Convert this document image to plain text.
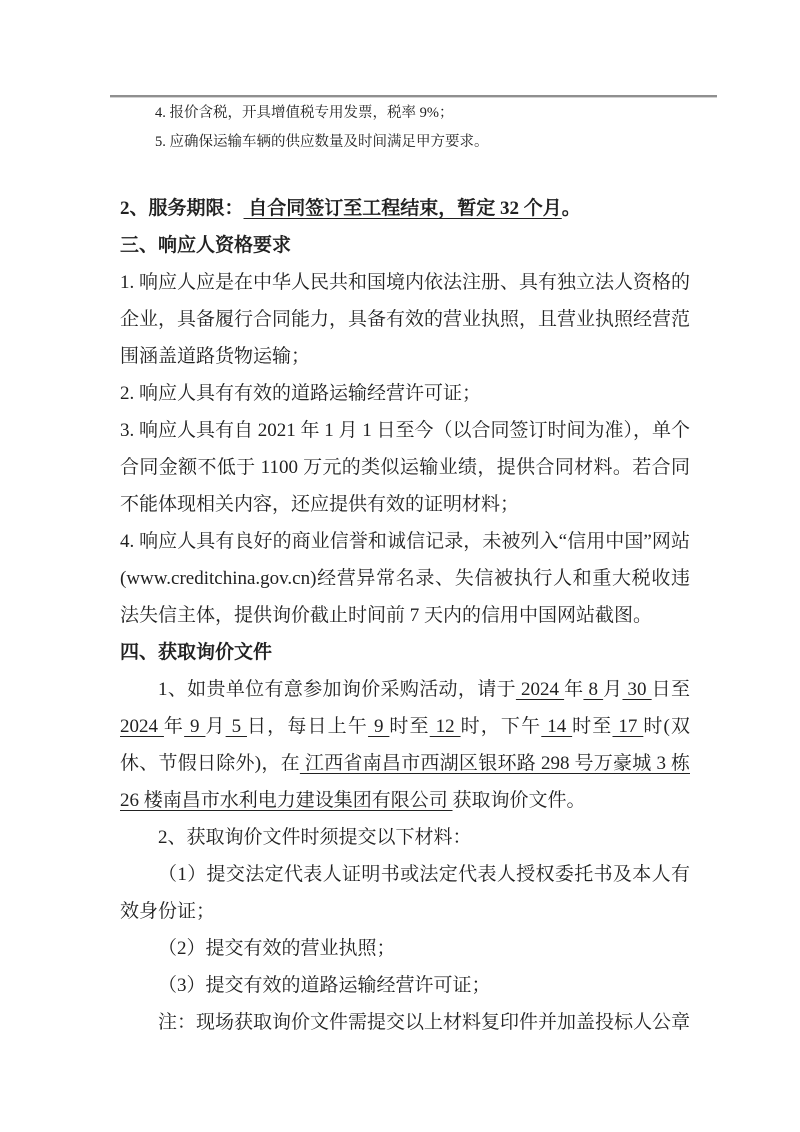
4. 报价含税，开具增值税专用发票，税率 9%；

5. 应确保运输车辆的供应数量及时间满足甲方要求。

2、服务期限： 自合同签订至工程结束，暂定 32 个月。

三、响应人资格要求

1. 响应人应是在中华人民共和国境内依法注册、具有独立法人资格的企业，具备履行合同能力，具备有效的营业执照，且营业执照经营范围涵盖道路货物运输；

2. 响应人具有有效的道路运输经营许可证；

3. 响应人具有自 2021 年 1 月 1 日至今（以合同签订时间为准），单个合同金额不低于 1100 万元的类似运输业绩，提供合同材料。若合同不能体现相关内容，还应提供有效的证明材料；

4. 响应人具有良好的商业信誉和诚信记录，未被列入“信用中国”网站(www.creditchina.gov.cn)经营异常名录、失信被执行人和重大税收违法失信主体，提供询价截止时间前 7 天内的信用中国网站截图。

四、获取询价文件

1、如贵单位有意参加询价采购活动，请于 2024 年 8 月 30 日至 2024 年 9 月 5 日，每日上午 9 时至 12 时，下午 14 时至 17 时(双休、节假日除外)，在 江西省南昌市西湖区银环路 298 号万豪城 3 栋 26 楼南昌市水利电力建设集团有限公司 获取询价文件。

2、获取询价文件时须提交以下材料：

（1）提交法定代表人证明书或法定代表人授权委托书及本人有效身份证；

（2）提交有效的营业执照；

（3）提交有效的道路运输经营许可证；

注：现场获取询价文件需提交以上材料复印件并加盖投标人公章
